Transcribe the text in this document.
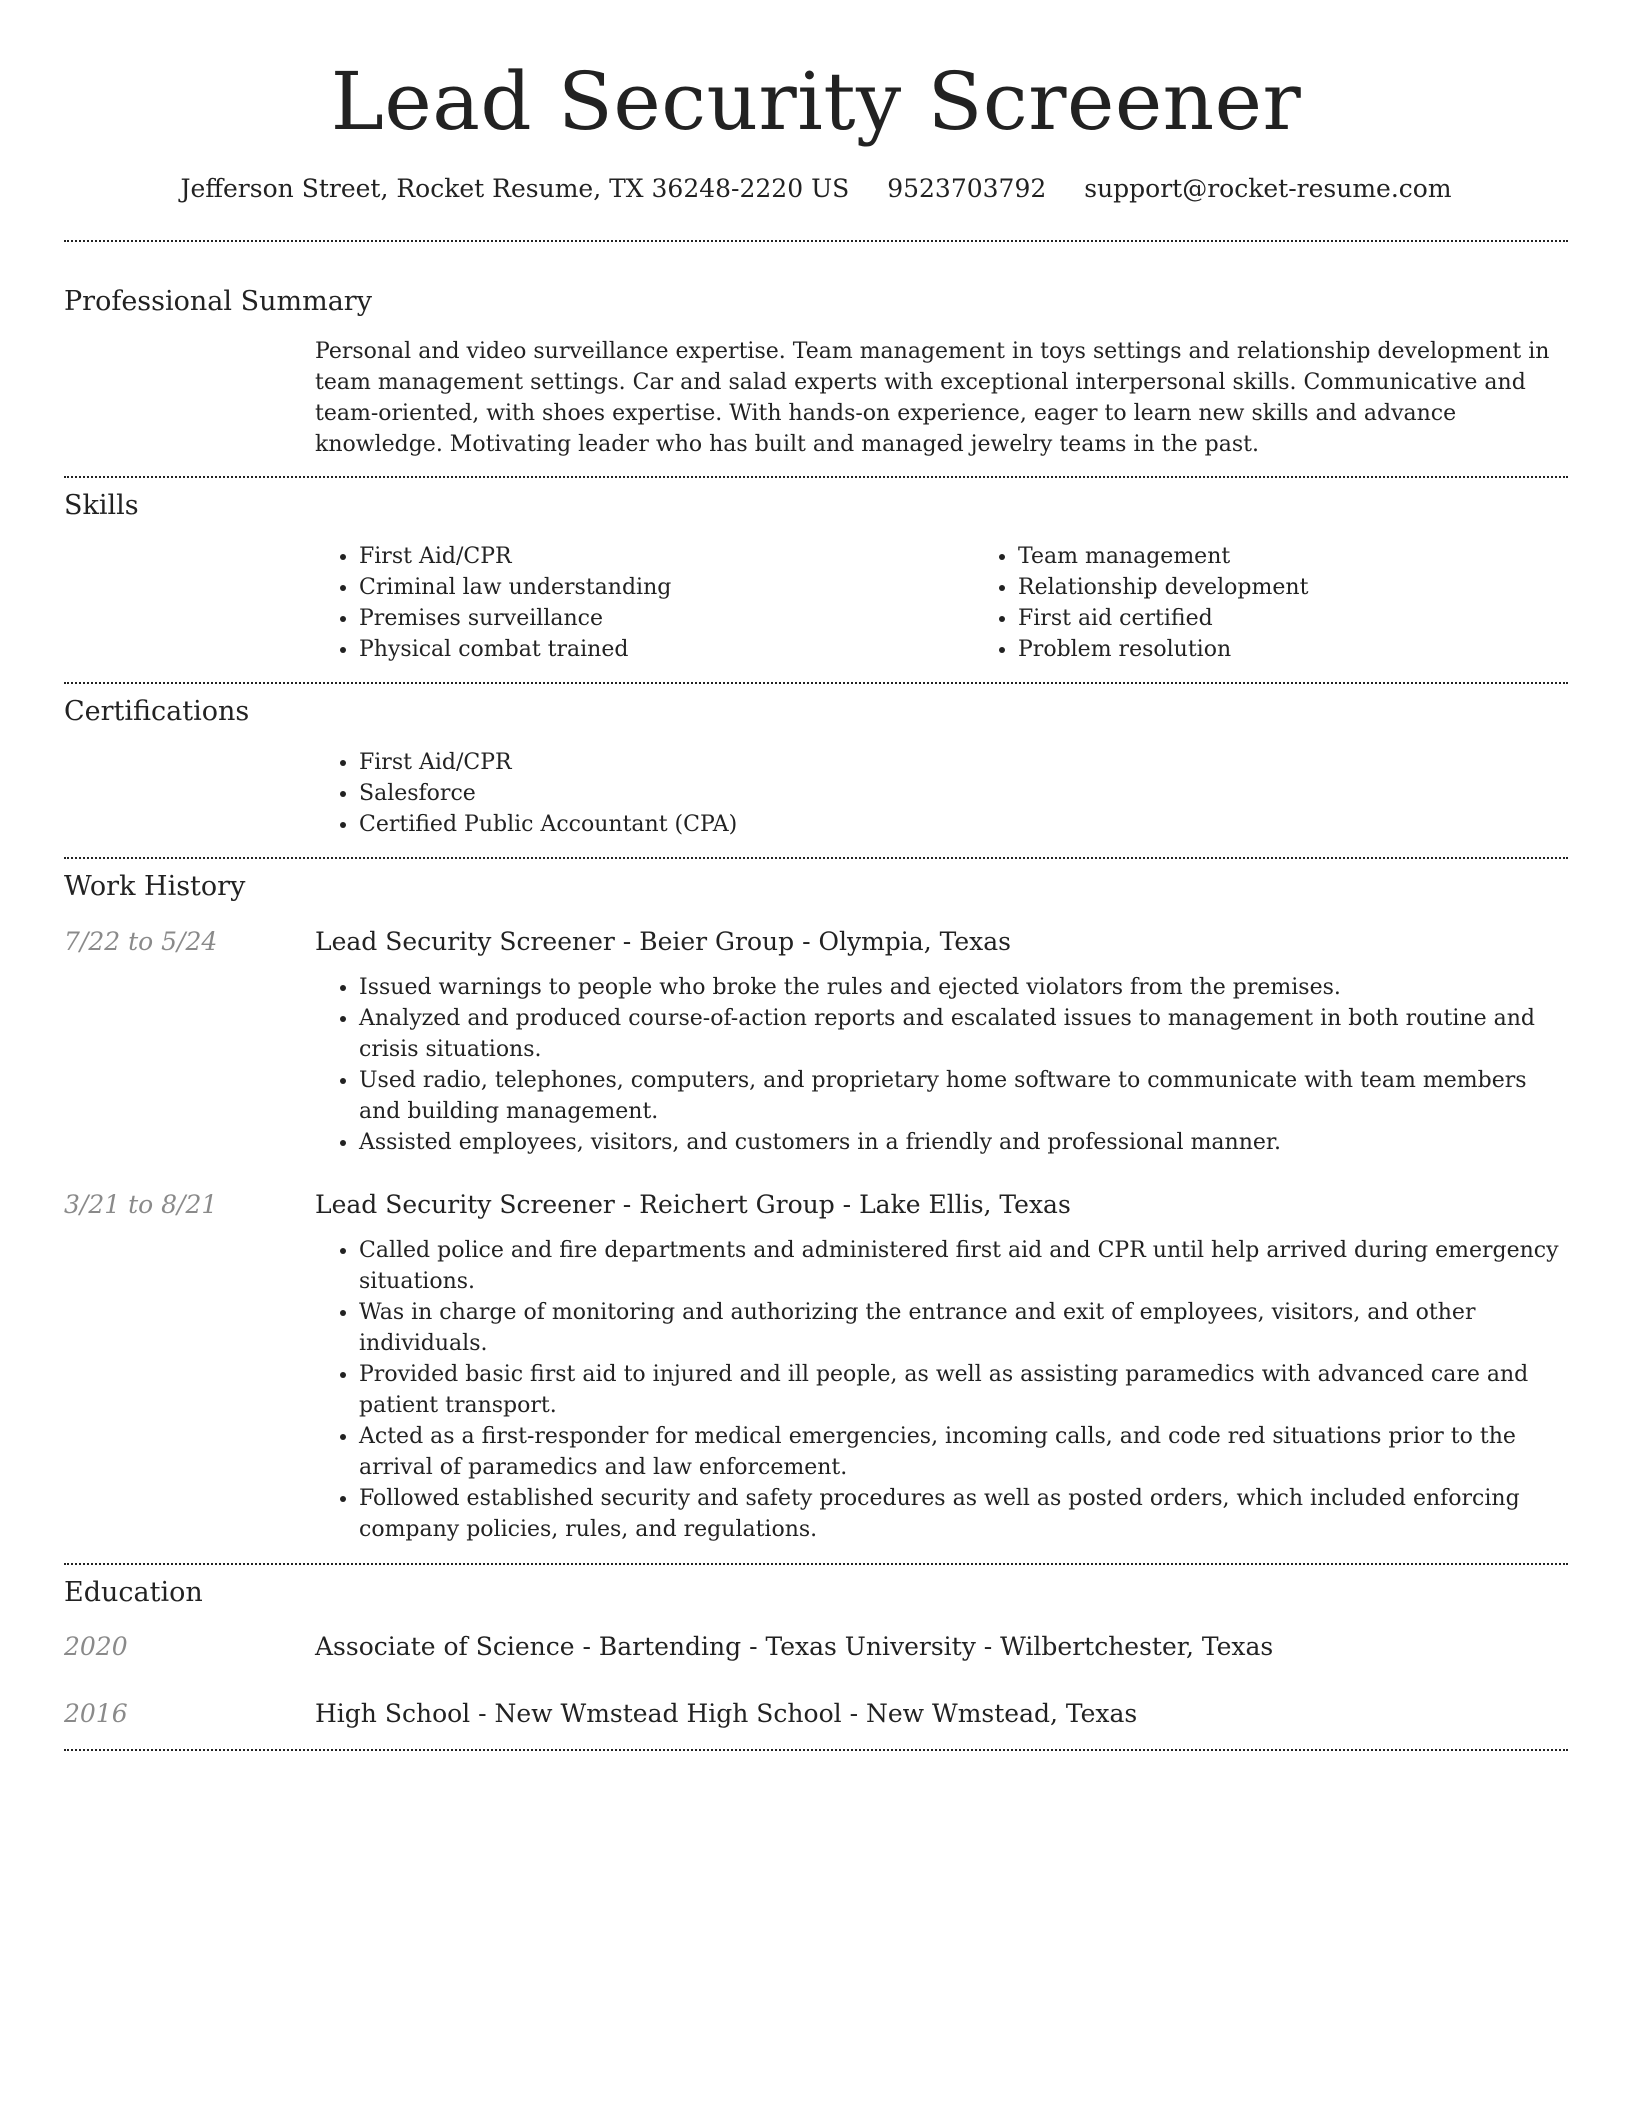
Lead Security Screener
Jefferson Street, Rocket Resume, TX 36248-2220 US 9523703792 support@rocket-resume.com
Professional Summary

Personal and video surveillance expertise. Team management in toys settings and relationship development in team management settings. Car and salad experts with exceptional interpersonal skills. Communicative and team-oriented, with shoes expertise. With hands-on experience, eager to learn new skills and advance knowledge. Motivating leader who has built and managed jewelry teams in the past.

Skills
• First Aid/CPR
• Criminal law understanding
• Premises surveillance
• Physical combat trained
• Team management
• Relationship development
• First aid certified
• Problem resolution
Certifications
• First Aid/CPR
• Salesforce
• Certified Public Accountant (CPA)
Work History
7/22 to 5/24	Lead Security Screener - Beier Group - Olympia, Texas
• Issued warnings to people who broke the rules and ejected violators from the premises.
• Analyzed and produced course-of-action reports and escalated issues to management in both routine and crisis situations.
• Used radio, telephones, computers, and proprietary home software to communicate with team members and building management.
• Assisted employees, visitors, and customers in a friendly and professional manner.
3/21 to 8/21	Lead Security Screener - Reichert Group - Lake Ellis, Texas
• Called police and fire departments and administered first aid and CPR until help arrived during emergency situations.
• Was in charge of monitoring and authorizing the entrance and exit of employees, visitors, and other individuals.
• Provided basic first aid to injured and ill people, as well as assisting paramedics with advanced care and patient transport.
• Acted as a first-responder for medical emergencies, incoming calls, and code red situations prior to the arrival of paramedics and law enforcement.
• Followed established security and safety procedures as well as posted orders, which included enforcing company policies, rules, and regulations.
Education
2020	Associate of Science - Bartending - Texas University - Wilbertchester, Texas
2016	High School - New Wmstead High School - New Wmstead, Texas
